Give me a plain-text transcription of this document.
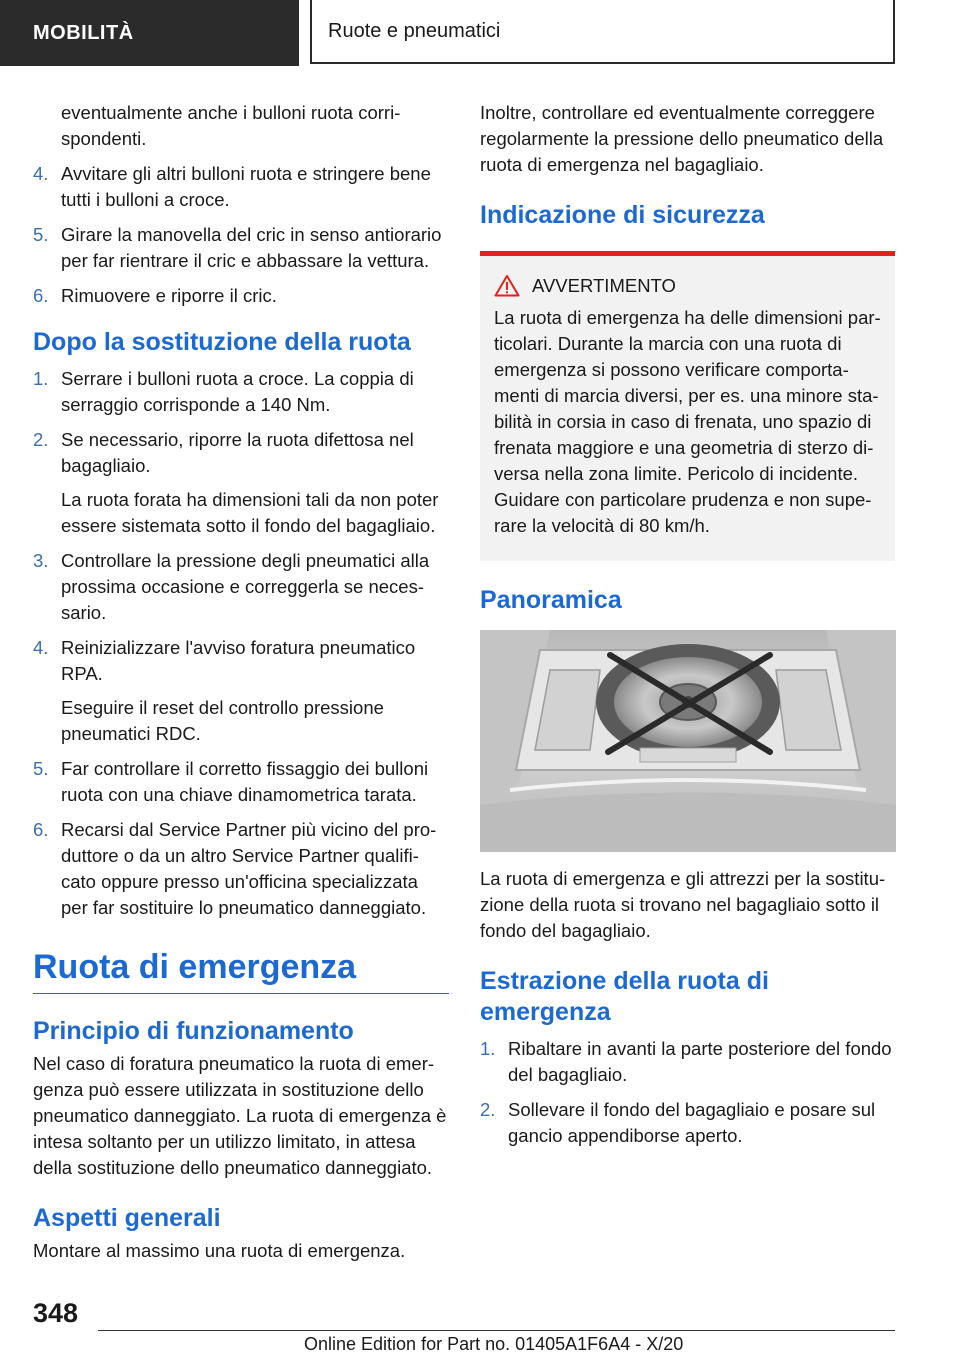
MOBILITÀ	Ruote e pneumatici

eventualmente anche i bulloni ruota corri-spondenti.

4. Avvitare gli altri bulloni ruota e stringere bene tutti i bulloni a croce.
5. Girare la manovella del cric in senso antiorario per far rientrare il cric e abbassare la vettura.
6. Rimuovere e riporre il cric.
Dopo la sostituzione della ruota
1. Serrare i bulloni ruota a croce. La coppia di serraggio corrisponde a 140 Nm.
2. Se necessario, riporre la ruota difettosa nel bagagliaio.
La ruota forata ha dimensioni tali da non poter essere sistemata sotto il fondo del bagagliaio.
3. Controllare la pressione degli pneumatici alla prossima occasione e correggerla se neces-sario.
4. Reinizializzare l'avviso foratura pneumatico RPA.
Eseguire il reset del controllo pressione pneumatici RDC.
5. Far controllare il corretto fissaggio dei bulloni ruota con una chiave dinamometrica tarata.
6. Recarsi dal Service Partner più vicino del pro-duttore o da un altro Service Partner qualifi-cato oppure presso un'officina specializzata per far sostituire lo pneumatico danneggiato.
Ruota di emergenza
Principio di funzionamento

Nel caso di foratura pneumatico la ruota di emer-genza può essere utilizzata in sostituzione dello pneumatico danneggiato. La ruota di emergenza è intesa soltanto per un utilizzo limitato, in attesa della sostituzione dello pneumatico danneggiato.

Aspetti generali

Montare al massimo una ruota di emergenza.

Inoltre, controllare ed eventualmente correggere regolarmente la pressione dello pneumatico della ruota di emergenza nel bagagliaio.

Indicazione di sicurezza
AVVERTIMENTO

La ruota di emergenza ha delle dimensioni par-ticolari. Durante la marcia con una ruota di emergenza si possono verificare comporta-menti di marcia diversi, per es. una minore sta-bilità in corsia in caso di frenata, uno spazio di frenata maggiore e una geometria di sterzo di-versa nella zona limite. Pericolo di incidente. Guidare con particolare prudenza e non supe-rare la velocità di 80 km/h.

Panoramica

La ruota di emergenza e gli attrezzi per la sostitu-zione della ruota si trovano nel bagagliaio sotto il fondo del bagagliaio.

Estrazione della ruota di emergenza
1. Ribaltare in avanti la parte posteriore del fondo del bagagliaio.
2. Sollevare il fondo del bagagliaio e posare sul gancio appendiborse aperto.
348
Online Edition for Part no. 01405A1F6A4 - X/20
